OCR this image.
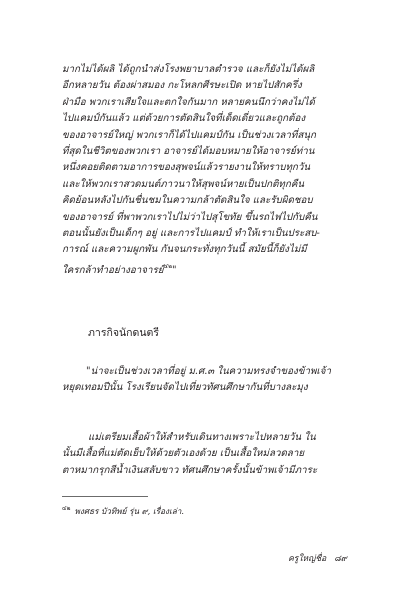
มากไม่ได้ผลิ ได้ถูกนำส่งโรงพยาบาลตำรวจ และก็ยังไม่ได้ผลิ
อีกหลายวัน ต้องผ่าสมอง กะโหลกศีรษะเปิด หายไปสักครึ่ง
ฝ่ามือ พวกเราเสียใจและตกใจกันมาก หลายคนนึกว่าคงไม่ได้
ไปแคมป์กันแล้ว แต่ด้วยการตัดสินใจที่เด็ดเดี่ยวและถูกต้อง
ของอาจารย์ใหญ่ พวกเราก็ได้ไปแคมป์กัน เป็นช่วงเวลาที่สนุก
ที่สุดในชีวิตของพวกเรา อาจารย์ได้มอบหมายให้อาจารย์ท่าน
หนึ่งคอยติดตามอาการของสุพจน์แล้วรายงานให้ทราบทุกวัน
และให้พวกเราสวดมนต์ภาวนาให้สุพจน์หายเป็นปกติทุกคืน
คิดย้อนหลังไปกันชื่นชมในความกล้าตัดสินใจ และรับผิดชอบ
ของอาจารย์ ที่พาพวกเราไปไม่ว่าไปสุโขทัย ขึ้นรถไฟไปกับคืน
ตอนนั้นยังเป็นเด็กๆ อยู่ และการไปแคมป์ ทำให้เราเป็นประสบ-
การณ์ และความผูกพัน กันจนกระทั่งทุกวันนี้ สมัยนี้ก็ยังไม่มี
ใครกล้าทำอย่างอาจารย์$^{๔๒}$"
ภารกิจนักดนตรี
"น่าจะเป็นช่วงเวลาที่อยู่ ม.ศ.๓ ในความทรงจำของข้าพเจ้า
หยุดเทอมปีนั้น โรงเรียนจัดไปเที่ยวทัศนศึกษากันที่บางละมุง
แม่เตรียมเสื้อผ้าให้สำหรับเดินทางเพราะไปหลายวัน ใน
นั้นมีเสื้อที่แม่ตัดเย็บให้ด้วยตัวเองด้วย เป็นเสื้อใหม่ลวดลาย
ตาหมากรุกสีน้ำเงินสลับขาว ทัศนศึกษาครั้งนั้นข้าพเจ้ามีภาระ
$^{๔๒}$ พงศธร บัวทิพย์ รุ่น ๙, เรื่องเล่า.
ครูใหญ่ชื่อ ๘๙
